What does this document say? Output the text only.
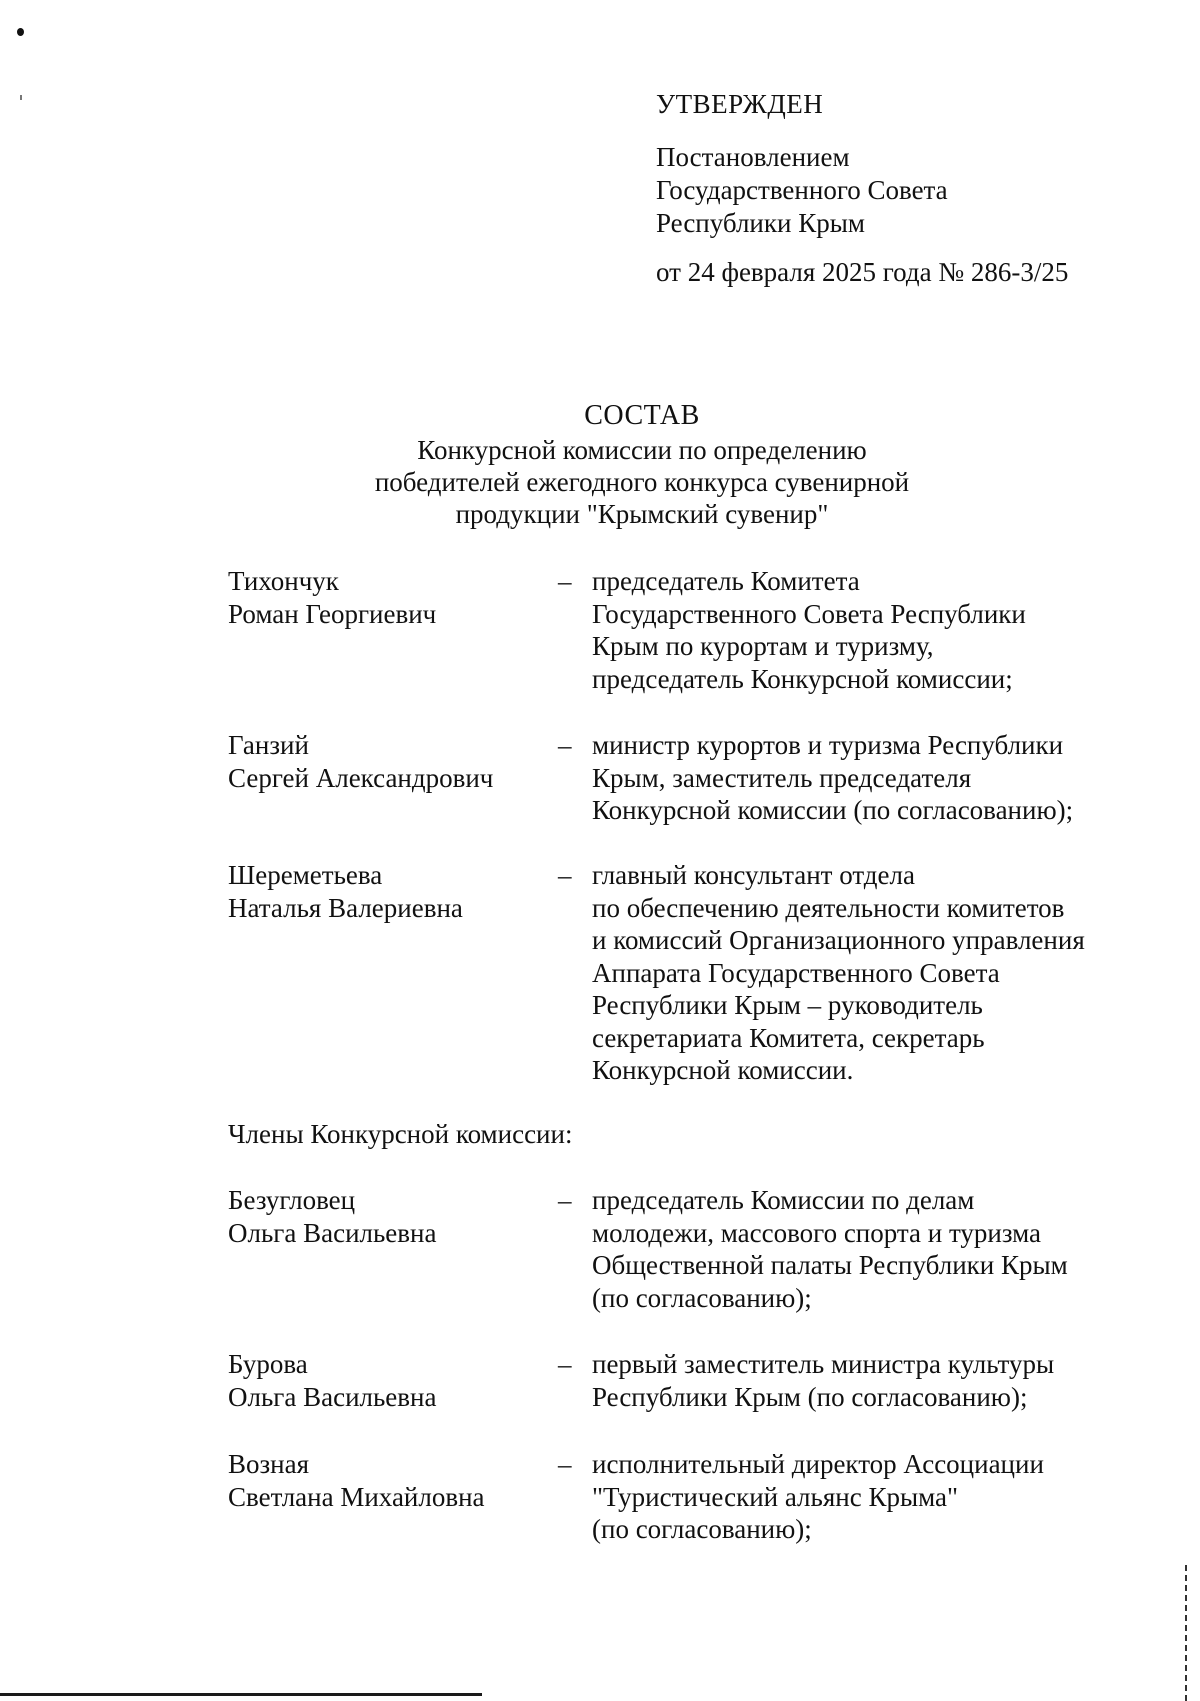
УТВЕРЖДЕН
Постановлением
Государственного Совета
Республики Крым
от 24 февраля 2025 года № 286-3/25
СОСТАВ
Конкурсной комиссии по определению
победителей ежегодного конкурса сувенирной
продукции "Крымский сувенир"
Тихончук
Роман Георгиевич
– председатель Комитета
Государственного Совета Республики
Крым по курортам и туризму,
председатель Конкурсной комиссии;
Ганзий
Сергей Александрович
– министр курортов и туризма Республики
Крым, заместитель председателя
Конкурсной комиссии (по согласованию);
Шереметьева
Наталья Валериевна
– главный консультант отдела
по обеспечению деятельности комитетов
и комиссий Организационного управления
Аппарата Государственного Совета
Республики Крым – руководитель
секретариата Комитета, секретарь
Конкурсной комиссии.
Члены Конкурсной комиссии:
Безугловец
Ольга Васильевна
– председатель Комиссии по делам
молодежи, массового спорта и туризма
Общественной палаты Республики Крым
(по согласованию);
Бурова
Ольга Васильевна
– первый заместитель министра культуры
Республики Крым (по согласованию);
Возная
Светлана Михайловна
– исполнительный директор Ассоциации
"Туристический альянс Крыма"
(по согласованию);
